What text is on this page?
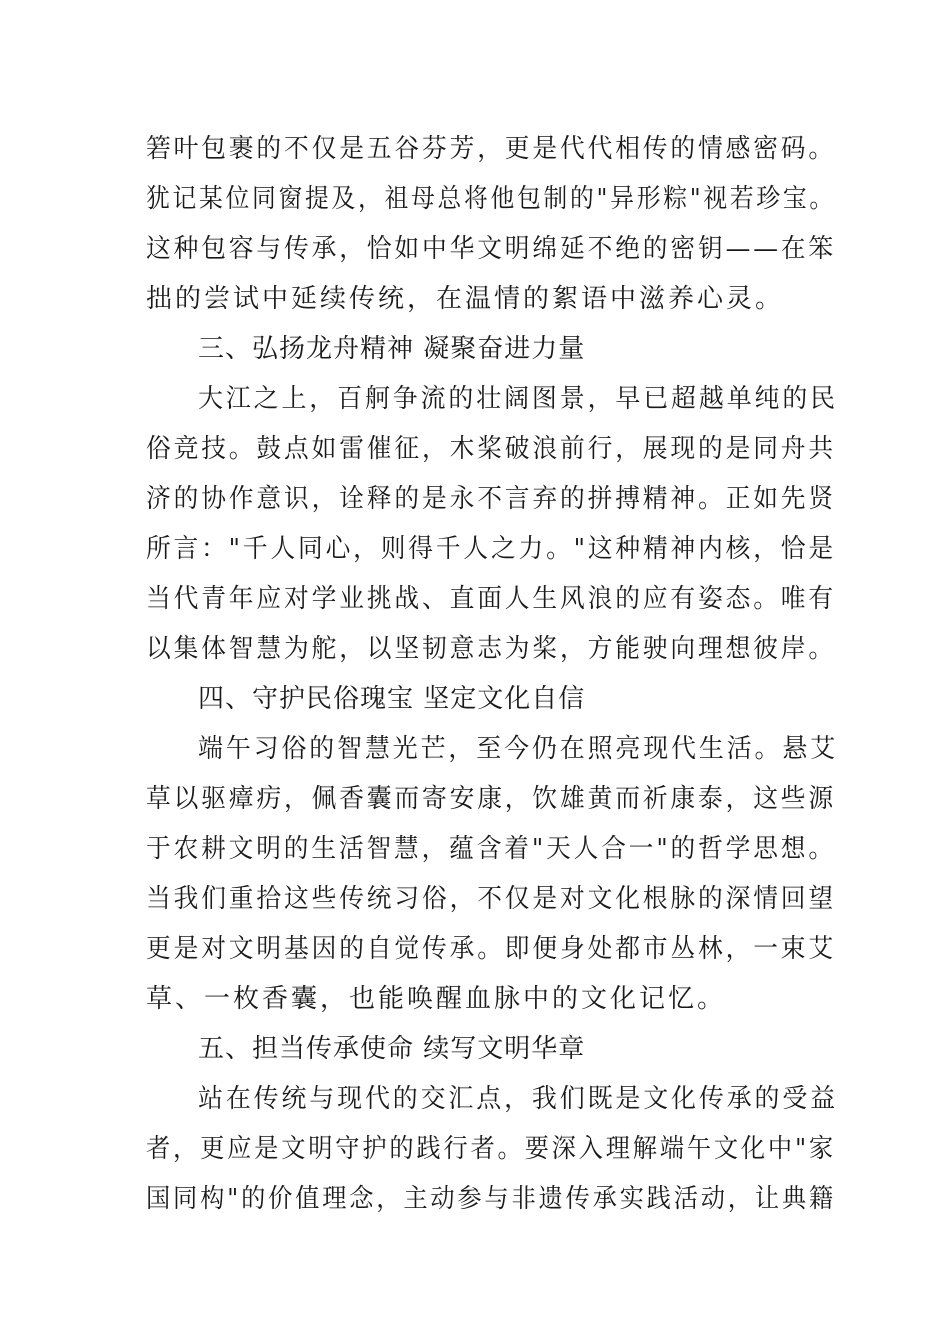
箬叶包裹的不仅是五谷芬芳，更是代代相传的情感密码。
犹记某位同窗提及，祖母总将他包制的"异形粽"视若珍宝。
这种包容与传承，恰如中华文明绵延不绝的密钥——在笨
拙的尝试中延续传统，在温情的絮语中滋养心灵。
三、弘扬龙舟精神 凝聚奋进力量
大江之上，百舸争流的壮阔图景，早已超越单纯的民
俗竞技。鼓点如雷催征，木桨破浪前行，展现的是同舟共
济的协作意识，诠释的是永不言弃的拼搏精神。正如先贤
所言："千人同心，则得千人之力。"这种精神内核，恰是
当代青年应对学业挑战、直面人生风浪的应有姿态。唯有
以集体智慧为舵，以坚韧意志为桨，方能驶向理想彼岸。
四、守护民俗瑰宝 坚定文化自信
端午习俗的智慧光芒，至今仍在照亮现代生活。悬艾
草以驱瘴疠，佩香囊而寄安康，饮雄黄而祈康泰，这些源
于农耕文明的生活智慧，蕴含着"天人合一"的哲学思想。
当我们重拾这些传统习俗，不仅是对文化根脉的深情回望
更是对文明基因的自觉传承。即便身处都市丛林，一束艾
草、一枚香囊，也能唤醒血脉中的文化记忆。
五、担当传承使命 续写文明华章
站在传统与现代的交汇点，我们既是文化传承的受益
者，更应是文明守护的践行者。要深入理解端午文化中"家
国同构"的价值理念，主动参与非遗传承实践活动，让典籍
